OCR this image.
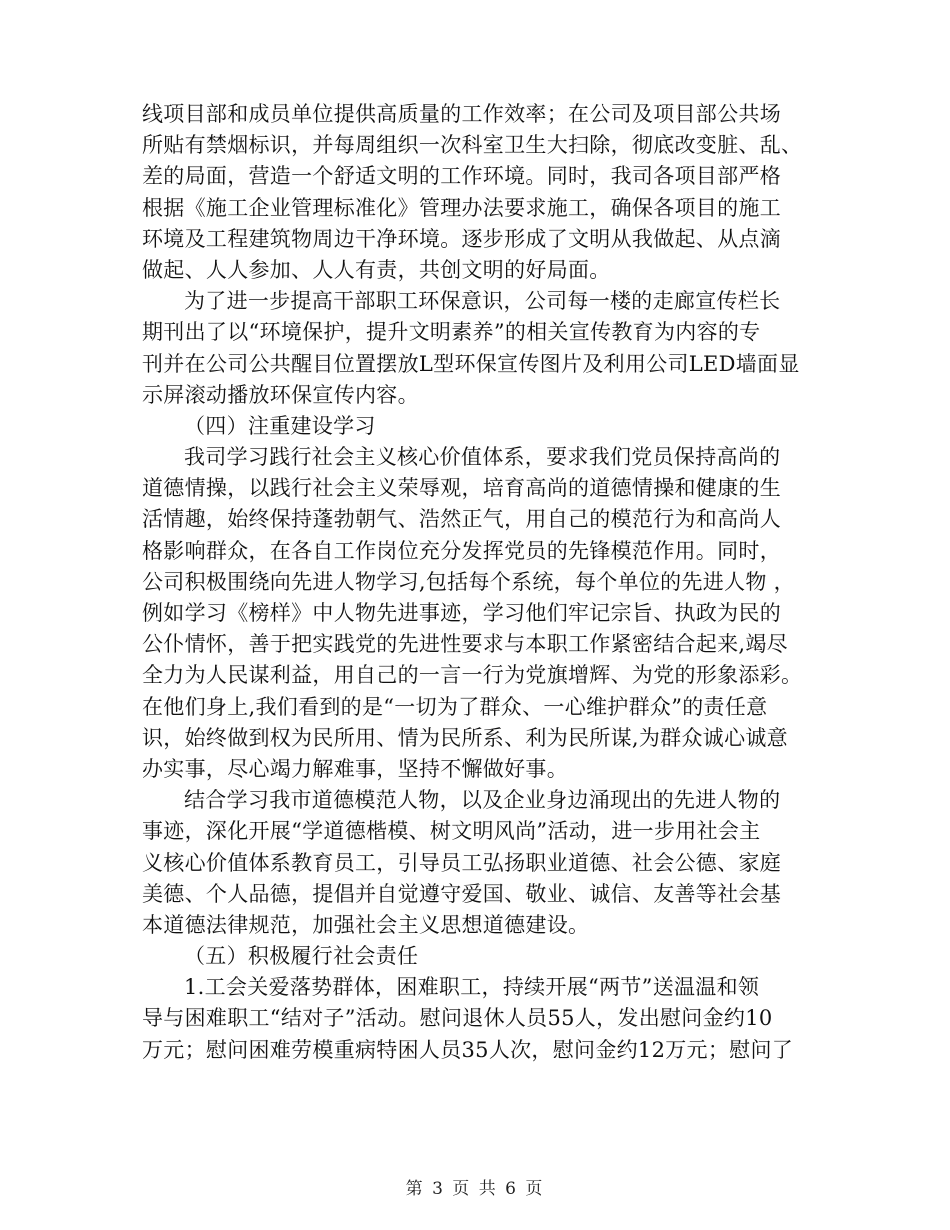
线项目部和成员单位提供高质量的工作效率；在公司及项目部公共场
所贴有禁烟标识，并每周组织一次科室卫生大扫除，彻底改变脏、乱、
差的局面，营造一个舒适文明的工作环境。同时，我司各项目部严格
根据《施工企业管理标准化》管理办法要求施工，确保各项目的施工
环境及工程建筑物周边干净环境。逐步形成了文明从我做起、从点滴
做起、人人参加、人人有责，共创文明的好局面。
为了进一步提高干部职工环保意识，公司每一楼的走廊宣传栏长
期刊出了以“环境保护，提升文明素养”的相关宣传教育为内容的专
刊并在公司公共醒目位置摆放L型环保宣传图片及利用公司LED墙面显
示屏滚动播放环保宣传内容。
（四）注重建设学习
我司学习践行社会主义核心价值体系，要求我们党员保持高尚的
道德情操，以践行社会主义荣辱观，培育高尚的道德情操和健康的生
活情趣，始终保持蓬勃朝气、浩然正气，用自己的模范行为和高尚人
格影响群众，在各自工作岗位充分发挥党员的先锋模范作用。同时，
公司积极围绕向先进人物学习,包括每个系统，每个单位的先进人物 ，
例如学习《榜样》中人物先进事迹，学习他们牢记宗旨、执政为民的
公仆情怀，善于把实践党的先进性要求与本职工作紧密结合起来,竭尽
全力为人民谋利益，用自己的一言一行为党旗增辉、为党的形象添彩。
在他们身上,我们看到的是“一切为了群众、一心维护群众”的责任意
识，始终做到权为民所用、情为民所系、利为民所谋,为群众诚心诚意
办实事，尽心竭力解难事，坚持不懈做好事。
结合学习我市道德模范人物，以及企业身边涌现出的先进人物的
事迹，深化开展“学道德楷模、树文明风尚”活动，进一步用社会主
义核心价值体系教育员工，引导员工弘扬职业道德、社会公德、家庭
美德、个人品德，提倡并自觉遵守爱国、敬业、诚信、友善等社会基
本道德法律规范，加强社会主义思想道德建设。
（五）积极履行社会责任
1.工会关爱落势群体，困难职工，持续开展“两节”送温温和领
导与困难职工“结对子”活动。慰问退休人员55人，发出慰问金约10
万元；慰问困难劳模重病特困人员35人次，慰问金约12万元；慰问了
第 3 页 共 6 页
